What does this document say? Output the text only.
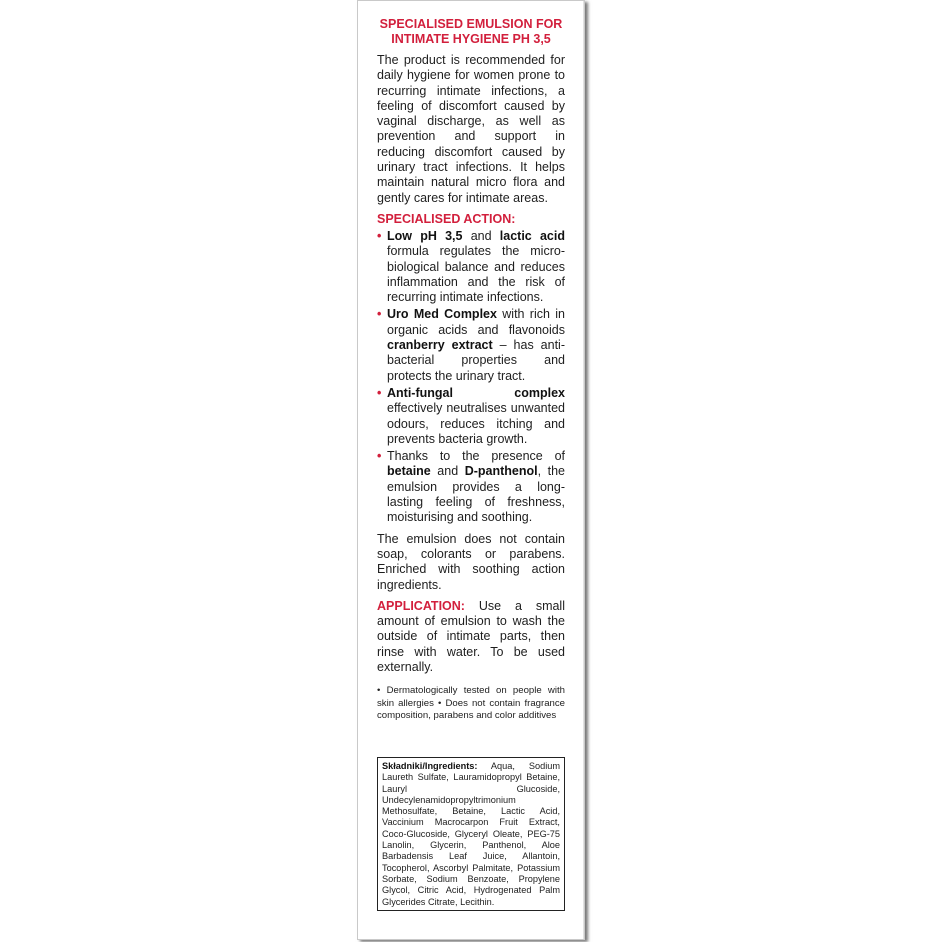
SPECIALISED EMULSION FOR INTIMATE HYGIENE PH 3,5

The product is recommended for daily hygiene for women prone to recurring intimate infections, a feeling of discomfort caused by vaginal discharge, as well as prevention and support in reducing discomfort caused by urinary tract infections. It helps maintain natural micro flora and gently cares for intimate areas.

SPECIALISED ACTION:
• Low pH 3,5 and lactic acid formula regulates the micro-biological balance and reduces inflammation and the risk of recurring intimate infections.
• Uro Med Complex with rich in organic acids and flavonoids cranberry extract – has anti-bacterial properties and protects the urinary tract.
• Anti-fungal complex effectively neutralises unwanted odours, reduces itching and prevents bacteria growth.
• Thanks to the presence of betaine and D-panthenol, the emulsion provides a long-lasting feeling of freshness, moisturising and soothing.

The emulsion does not contain soap, colorants or parabens. Enriched with soothing action ingredients.

APPLICATION: Use a small amount of emulsion to wash the outside of intimate parts, then rinse with water. To be used externally.

• Dermatologically tested on people with skin allergies • Does not contain fragrance composition, parabens and color additives

Składniki/Ingredients: Aqua, Sodium Laureth Sulfate, Lauramidopropyl Betaine, Lauryl Glucoside, Undecylenamidopropyltrimonium Methosulfate, Betaine, Lactic Acid, Vaccinium Macrocarpon Fruit Extract, Coco-Glucoside, Glyceryl Oleate, PEG-75 Lanolin, Glycerin, Panthenol, Aloe Barbadensis Leaf Juice, Allantoin, Tocopherol, Ascorbyl Palmitate, Potassium Sorbate, Sodium Benzoate, Propylene Glycol, Citric Acid, Hydrogenated Palm Glycerides Citrate, Lecithin.
